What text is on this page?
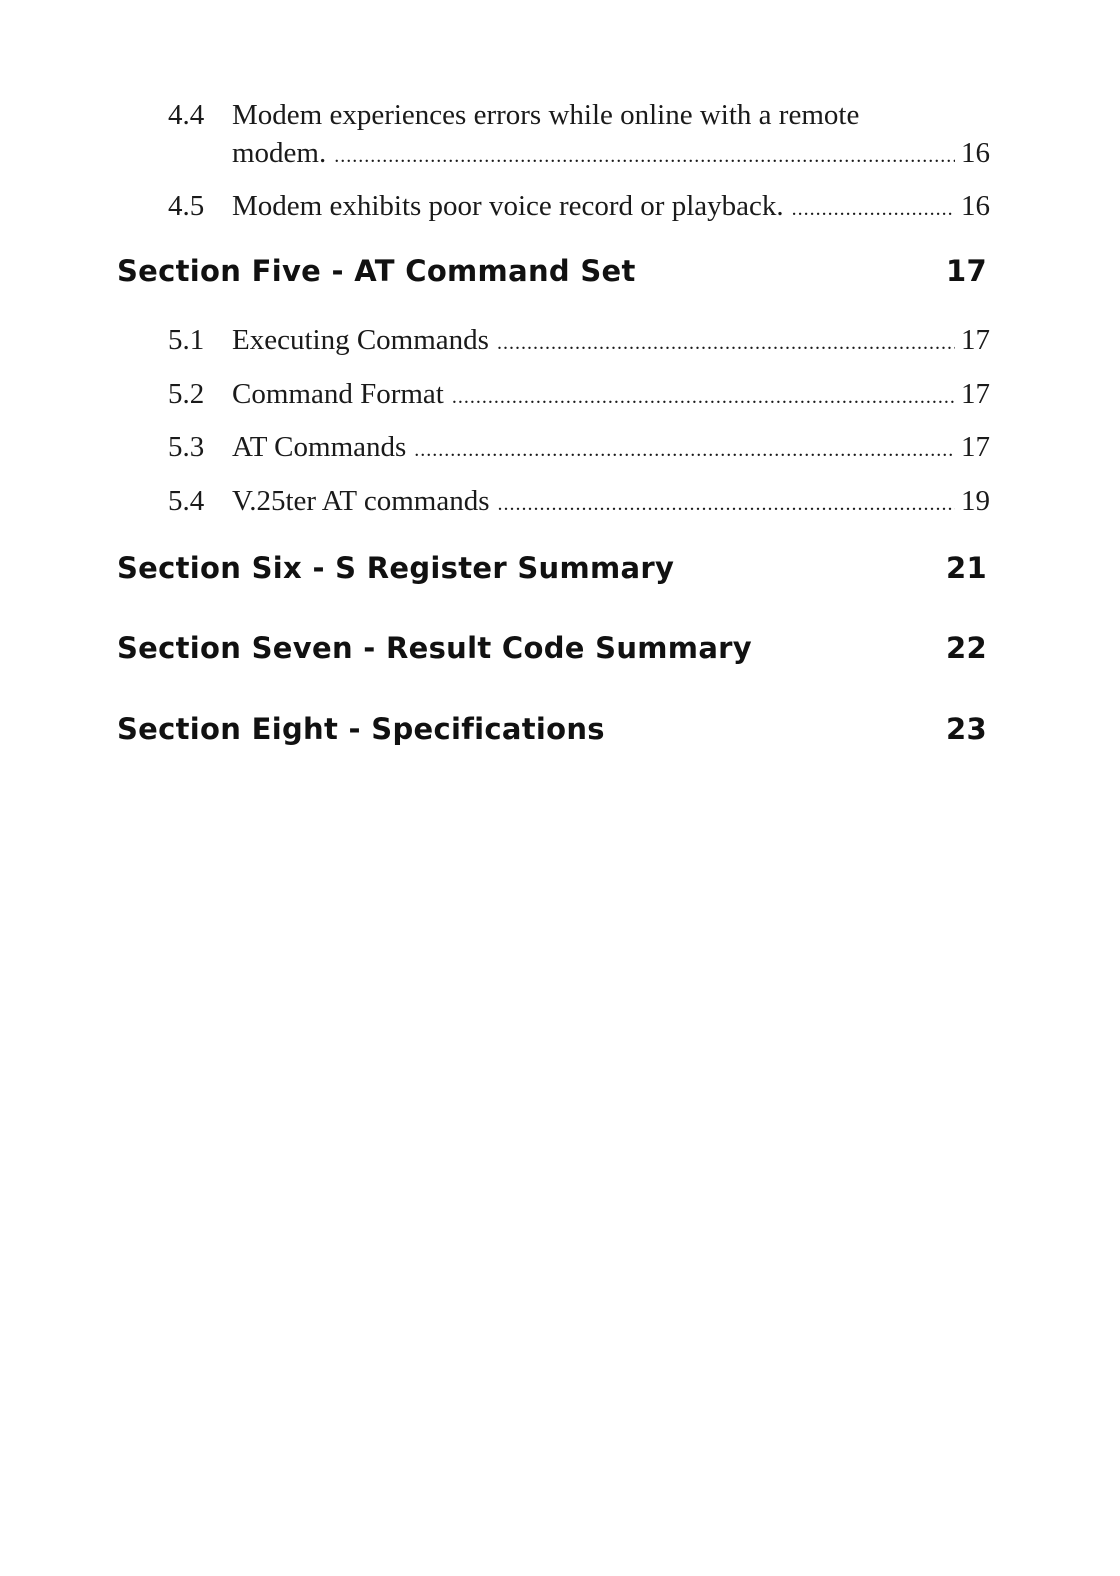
4.4 Modem experiences errors while online with a remote
modem. .....	16
4.5 Modem exhibits poor voice record or playback. .....	16
Section Five - AT Command Set	17
5.1 Executing Commands .....	17
5.2 Command Format .....	17
5.3 AT Commands .....	17
5.4 V.25ter AT commands .....	19
Section Six - S Register Summary	21
Section Seven - Result Code Summary	22
Section Eight - Specifications	23
